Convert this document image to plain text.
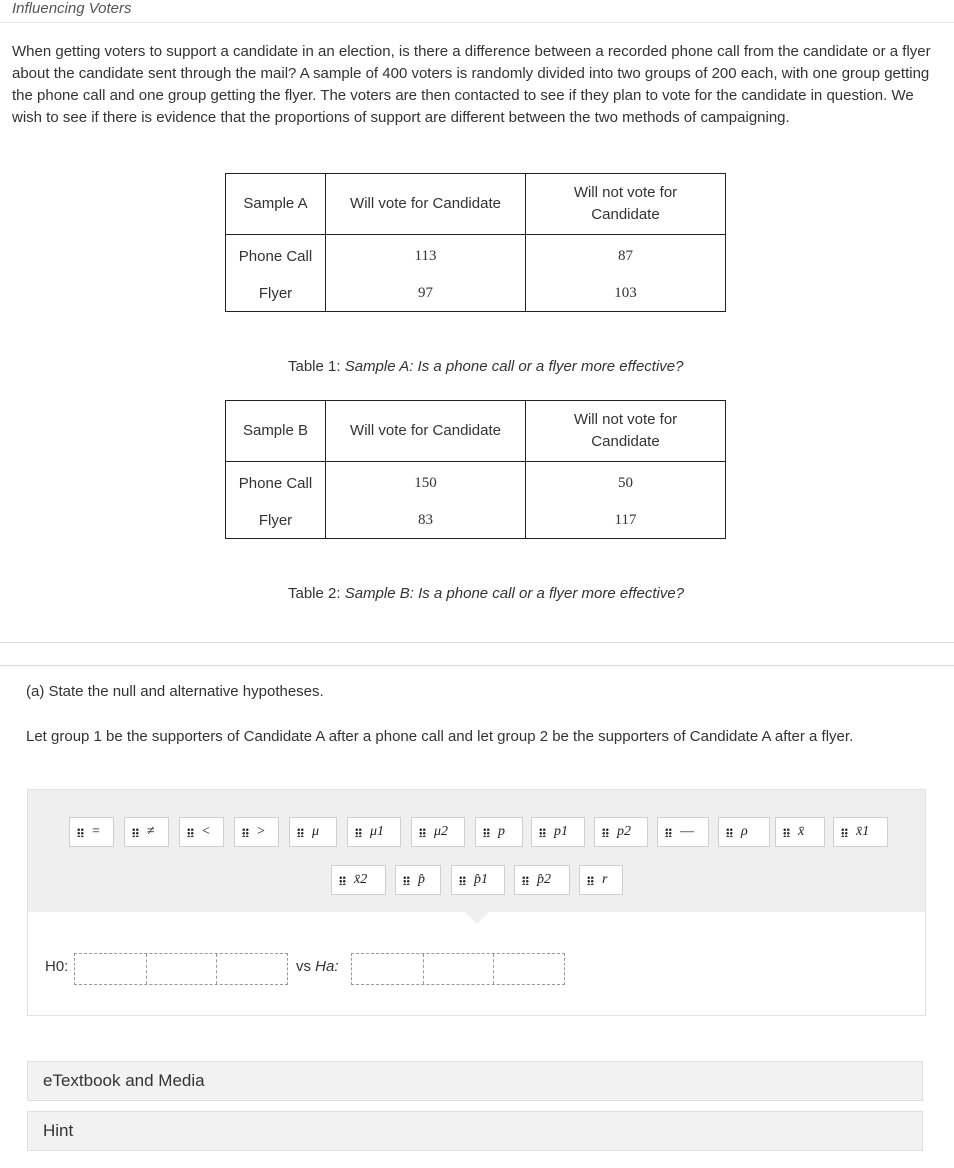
Influencing Voters
When getting voters to support a candidate in an election, is there a difference between a recorded phone call from the candidate or a flyer about the candidate sent through the mail? A sample of 400 voters is randomly divided into two groups of 200 each, with one group getting the phone call and one group getting the flyer. The voters are then contacted to see if they plan to vote for the candidate in question. We wish to see if there is evidence that the proportions of support are different between the two methods of campaigning.
Sample A	Will vote for Candidate	Will not vote for Candidate

Phone Call	113	87
Flyer	97	103
Table 1: Sample A: Is a phone call or a flyer more effective?
Sample B	Will vote for Candidate	Will not vote for Candidate

Phone Call	150	50
Flyer	83	117
Table 2: Sample B: Is a phone call or a flyer more effective?
(a) State the null and alternative hypotheses.
Let group 1 be the supporters of Candidate A after a phone call and let group 2 be the supporters of Candidate A after a flyer.
=	≠	<	>	μ	μ1	μ2	p	p1	p2	—	ρ	x̄	x̄1
x̄2	p̂	p̂1	p̂2	r
H0:	vs Ha:
eTextbook and Media
Hint
